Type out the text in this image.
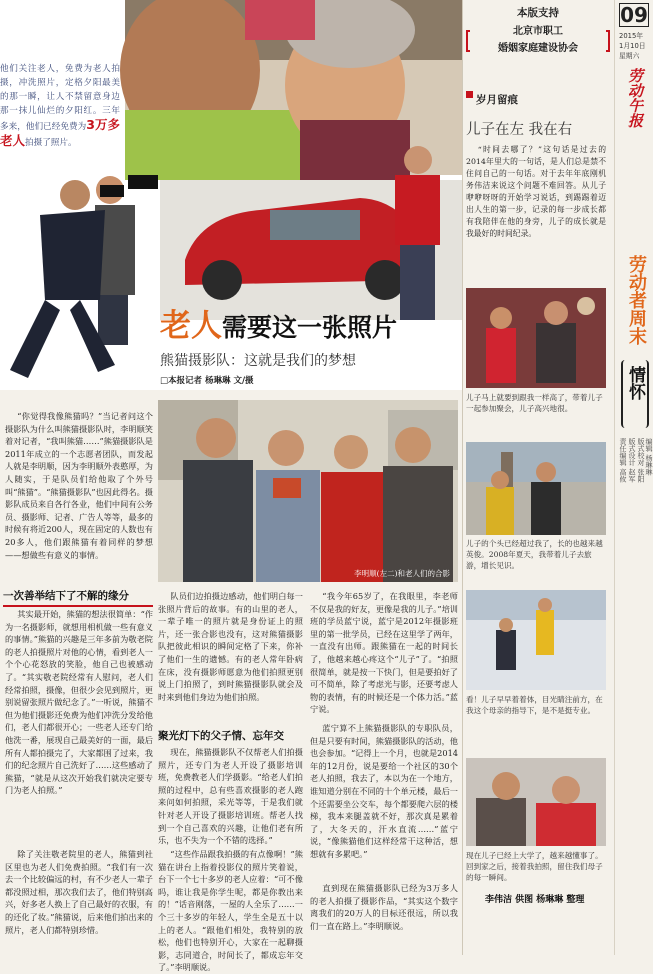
他们关注老人，免费为老人拍摄，冲洗照片，定格夕阳最美的那一瞬，让人不禁留意身边那一抹儿仙烂的夕阳红。三年多来，他们已经免费为3万多老人拍摄了照片。
老人需要这一张照片
熊猫摄影队：这就是我们的梦想
□本报记者 杨琳琳 文/摄
李明顺(左二)和老人们的合影
“你觉得我像熊猫吗？”当记者问这个摄影队为什么叫熊猫摄影队时，李明顺笑着对记者，“我叫熊猫……”熊猫摄影队是2011年成立的一个志愿者团队，而发起人就是李明顺，因为李明顺外表憨厚，为人随实，于是队员们给他取了个外号叫“熊猫”。“熊猫摄影队”也因此得名。摄影队成员来自各行各业，他们中间有公务员、摄影师、记者、广告人等等，最多的时候有将近200人，现在固定的人数也有20多人，他们跟熊猫有着同样的梦想——想做些有意义的事情。
一次善举结下了不解的缘分
其实最开始，熊猫的想法很简单：“作为一名摄影师，就想用相机做一些有意义的事情。”熊猫的兴趣是三年多前为敬老院的老人拍摄照片对他的心情，看到老人一个个心花怒放的笑脸，他自己也被感动了。“其实敬老院经常有人慰问，老人们经常拍照，摄像，但很少会见到照片，更别说留张照片做纪念了。”一听说，熊猫不但为他们摄影还免费为他们冲洗分发给他们，老人们都很开心；一些老人还专门给他洗一番，展现自己最美好的一面，最后所有人都拍摄完了，大家都围了过来，我们的纪念照片自己洗好了……这些感动了熊猫，“就是从这次开始我们就决定要专门为老人拍照。”
除了关注敬老院里的老人，熊猫到社区里也为老人们免费拍照。“我们有一次去一个比较偏远的村，有不少老人一辈子都没照过相，那次我们去了，他们特别高兴，好多老人换上了自己最好的衣服，有的还化了妆。”熊猫说，后来他们拍出来的照片，老人们都特别珍惜。
队员们边拍摄边感动，他们明白每一张照片背后的故事。有的山里的老人，一辈子唯一的照片就是身份证上的照片，还一张合影也没有，这对熊猫摄影队把彼此相识的瞬间定格了下来，你补了他们一生的遗憾。有的老人常年卧病在床，没有摄影师愿意为他们拍照更别说上门拍照了，到时熊猫摄影队就会及时来到他们身边为他们拍照。
聚光灯下的父子情、忘年交
现在，熊猫摄影队不仅帮老人们拍摄照片，还专门为老人开设了摄影培训班，免费教老人们学摄影。“给老人们拍照的过程中，总有些喜欢摄影的老人跑来问如何拍照，采光等等，于是我们就针对老人开设了摄影培训班。帮老人找到一个自己喜欢的兴趣，让他们老有所乐，也不失为一个不错的选择。”
“这些作品跟我拍摄的有点像啊！”熊猫在讲台上指着投影仪的照片笑着说，台下一个七十多岁的老人应着：“可不像吗，谁让我是你学生呢，都是你教出来的！”话音刚落，一屋的人全乐了……一个三十多岁的年轻人，学生全是五十以上的老人。“跟他们相处，我特别的放松，他们也特别开心，大家在一起聊摄影，志同道合，时间长了，都成忘年交了。”李明顺说。
“我今年65岁了，在我眼里，李老师不仅是我的好友，更像是我的儿子。”培训班的学员蓝宁说，蓝宁是2012年摄影班里的第一批学员，已经在这里学了两年，一直没有出师。跟熊猫在一起的时间长了，他越来越心疼这个“儿子”了。“拍照很简单，就是按一下快门，但是要拍好了可不简单，除了考虑光与影，还要考虑人物的表情，有的时候还是一个体力活。”蓝宁说。
蓝宁算不上熊猫摄影队的专职队员，但是只要有时间，熊猫摄影队的活动，他也会参加。“记得上一个月，也就是2014年的12月份，说是要给一个社区的30个老人拍照，我去了，本以为在一个地方，谁知道分别在不同的十个单元楼，最后一个还需要坐公交车，每个都要爬六层的楼梯，我本来腿盖就不好，那次真是累着了，大冬天的，汗水直流……”蓝宁说，“像熊猫他们这样经常干这种活，想想就有多累吧。”
直到现在熊猫摄影队已经为3万多人的老人拍摄了摄影作品，“其实这个数字离我们的20万人的目标还很远，所以我们一直在路上。”李明顺说。
本版支持
北京市职工
婚姻家庭建设协会
岁月留痕
儿子在左 我在右
“时间去哪了？”这句话是过去的2014年里大的一句话，是人们总是禁不住问自己的一句话。对于去年年底刚机务伟洁来说这个问题不难回答。从儿子咿咿呀呀的开始学习说话，到踢踢着迈出人生的第一步，记录的每一步成长都有我陪伴在他的身旁，儿子的成长就是我最好的时间纪录。
儿子马上就要到跟我一样高了，带着儿子一起参加聚会，儿子高兴地很。
儿子的个头已经超过我了，长的也越来越英俊。2008年夏天，我带着儿子去旅游，增长见识。
看！儿子早早着着体，目光睛注前方，在我这个母亲的指导下，是不是挺专业。
现在儿子已经上大学了，越来越懂事了。回到家之后，接着我拍照，留住我们母子的每一瞬间。
李伟洁 供图 杨琳琳 整理
09
2015年
1月10日
星期六
劳动午报
劳动者周末
情怀
责任编辑 高攸 版式设计 赵军 版式校对 张阳 编辑 杨琳琳
